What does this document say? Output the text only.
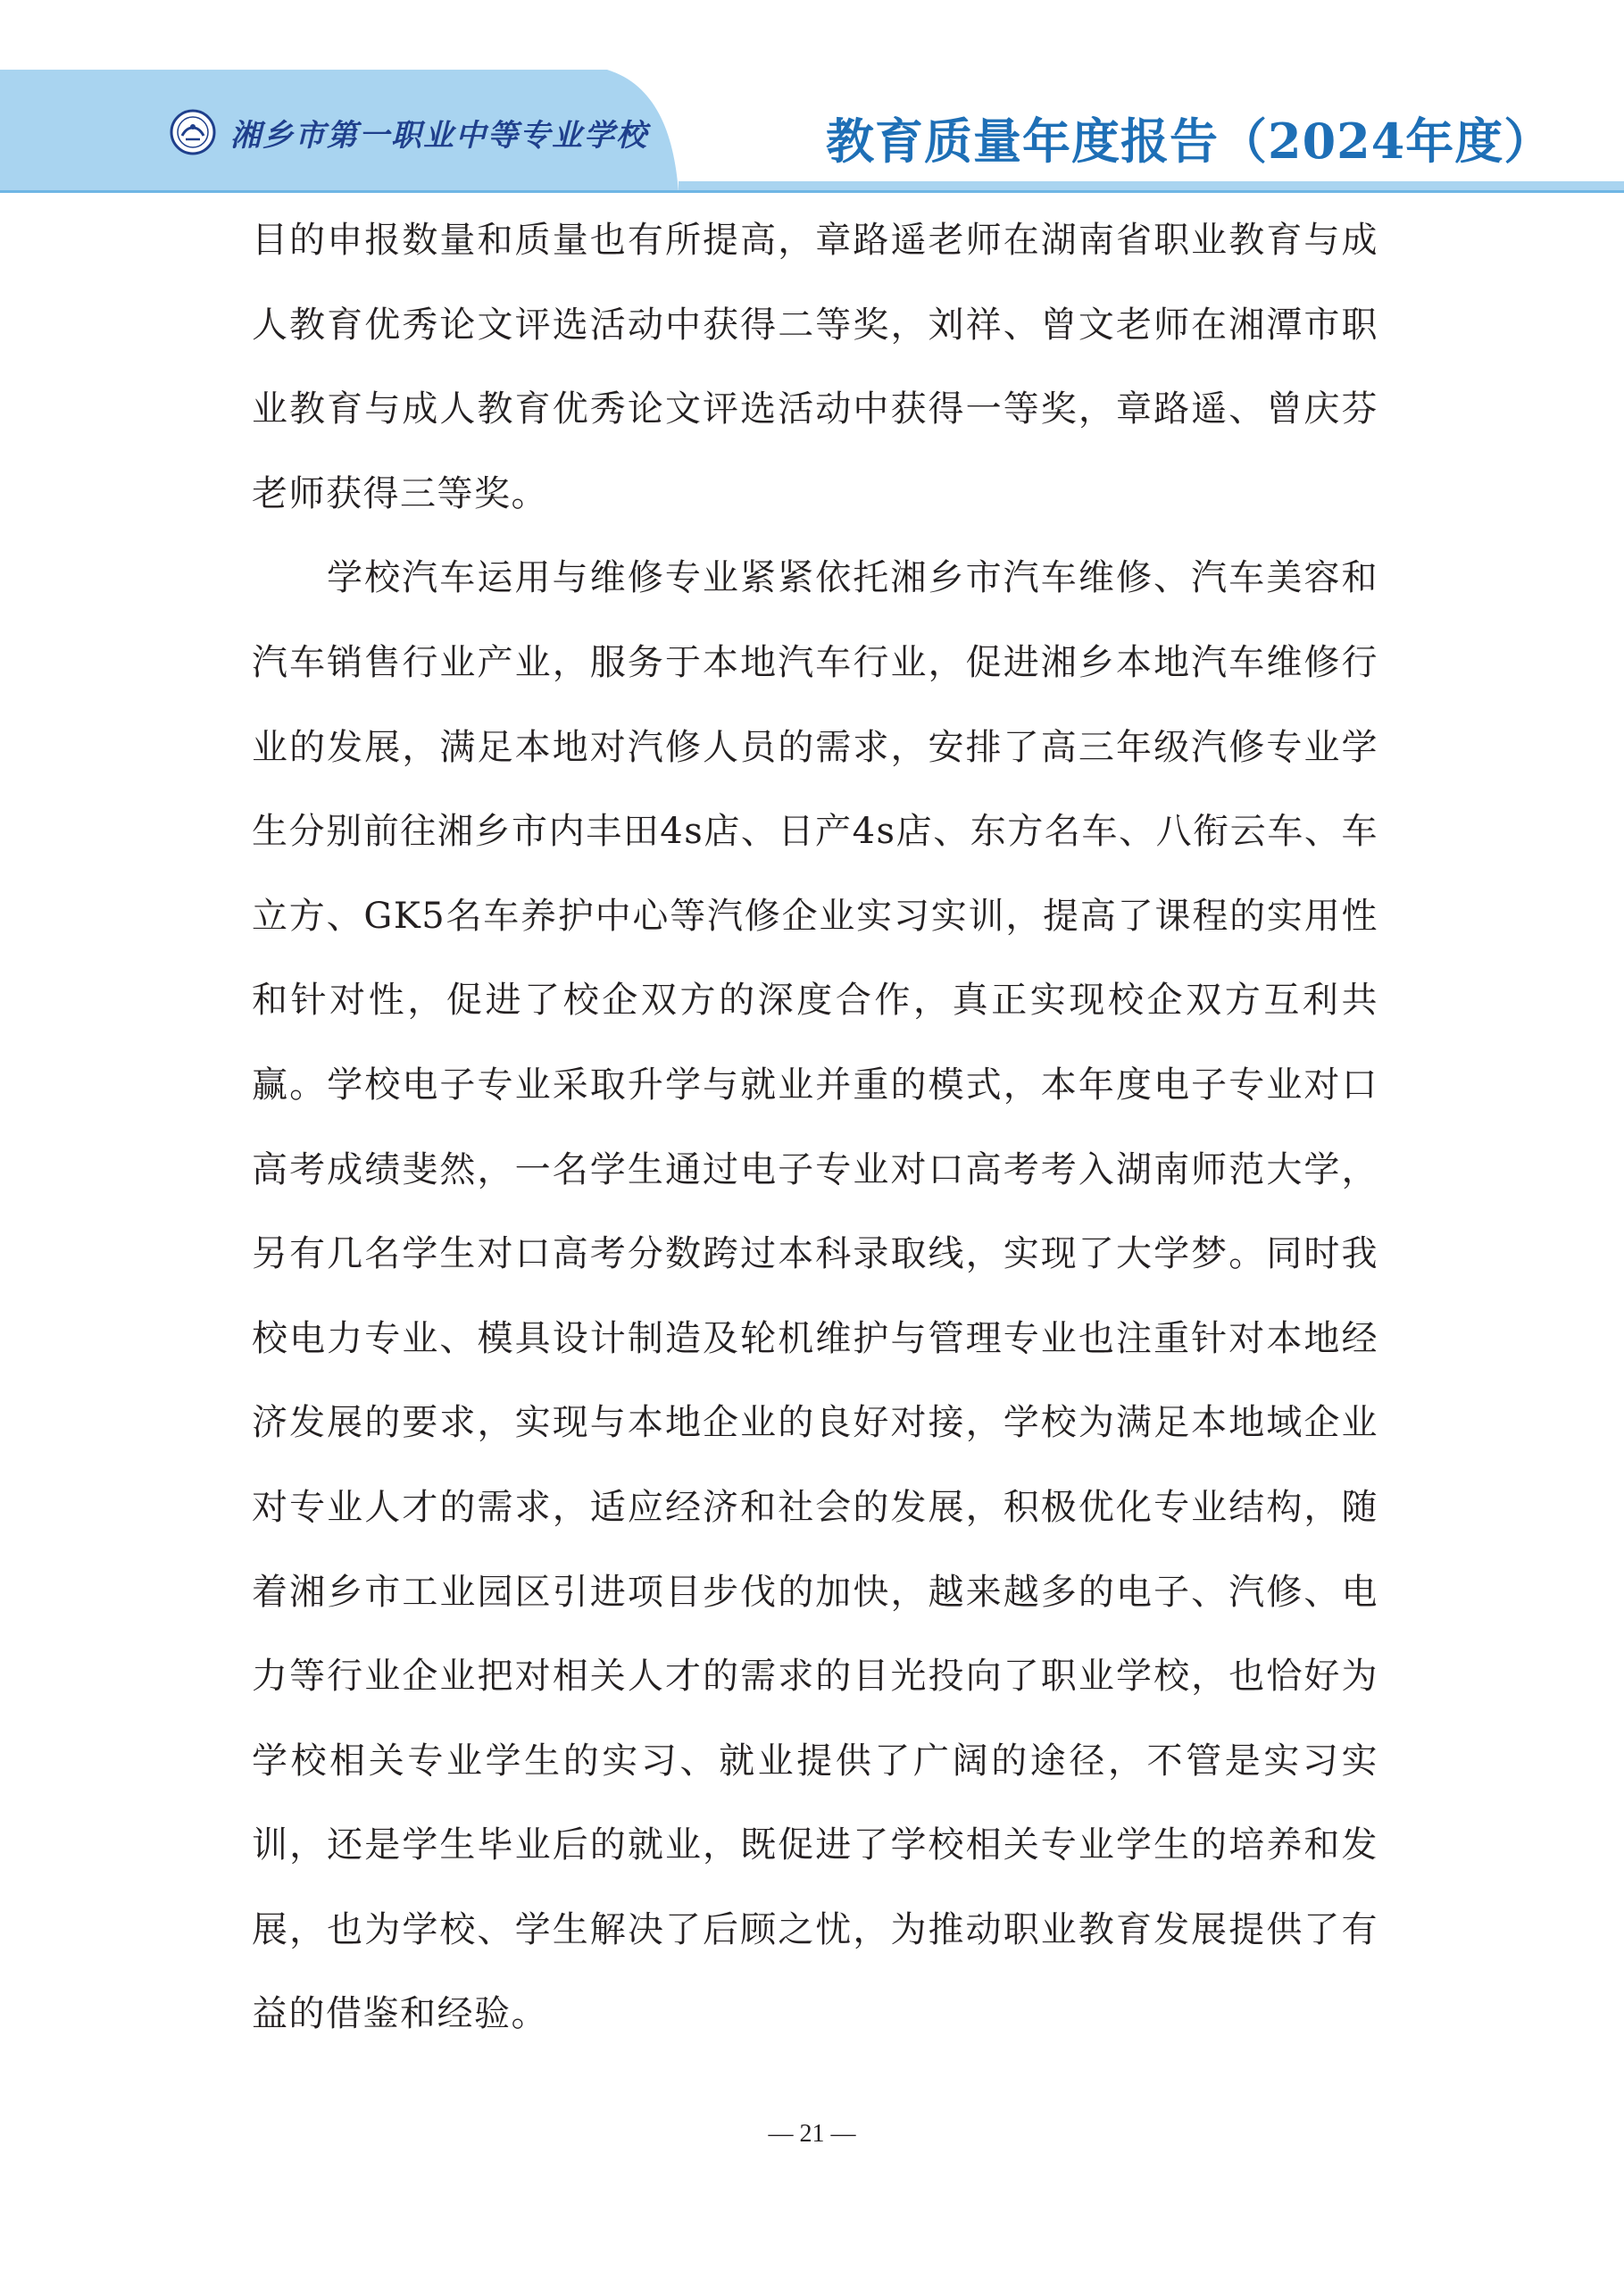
湘乡市第一职业中等专业学校	教育质量年度报告（2024年度）

目的申报数量和质量也有所提高，章路遥老师在湖南省职业教育与成人教育优秀论文评选活动中获得二等奖，刘祥、曾文老师在湘潭市职业教育与成人教育优秀论文评选活动中获得一等奖，章路遥、曾庆芬老师获得三等奖。

学校汽车运用与维修专业紧紧依托湘乡市汽车维修、汽车美容和汽车销售行业产业，服务于本地汽车行业，促进湘乡本地汽车维修行业的发展，满足本地对汽修人员的需求，安排了高三年级汽修专业学生分别前往湘乡市内丰田4s店、日产4s店、东方名车、八衔云车、车立方、GK5名车养护中心等汽修企业实习实训，提高了课程的实用性和针对性，促进了校企双方的深度合作，真正实现校企双方互利共赢。学校电子专业采取升学与就业并重的模式，本年度电子专业对口高考成绩斐然，一名学生通过电子专业对口高考考入湖南师范大学，另有几名学生对口高考分数跨过本科录取线，实现了大学梦。同时我校电力专业、模具设计制造及轮机维护与管理专业也注重针对本地经济发展的要求，实现与本地企业的良好对接，学校为满足本地域企业对专业人才的需求，适应经济和社会的发展，积极优化专业结构，随着湘乡市工业园区引进项目步伐的加快，越来越多的电子、汽修、电力等行业企业把对相关人才的需求的目光投向了职业学校，也恰好为学校相关专业学生的实习、就业提供了广阔的途径，不管是实习实训，还是学生毕业后的就业，既促进了学校相关专业学生的培养和发展，也为学校、学生解决了后顾之忧，为推动职业教育发展提供了有益的借鉴和经验。

— 21 —
